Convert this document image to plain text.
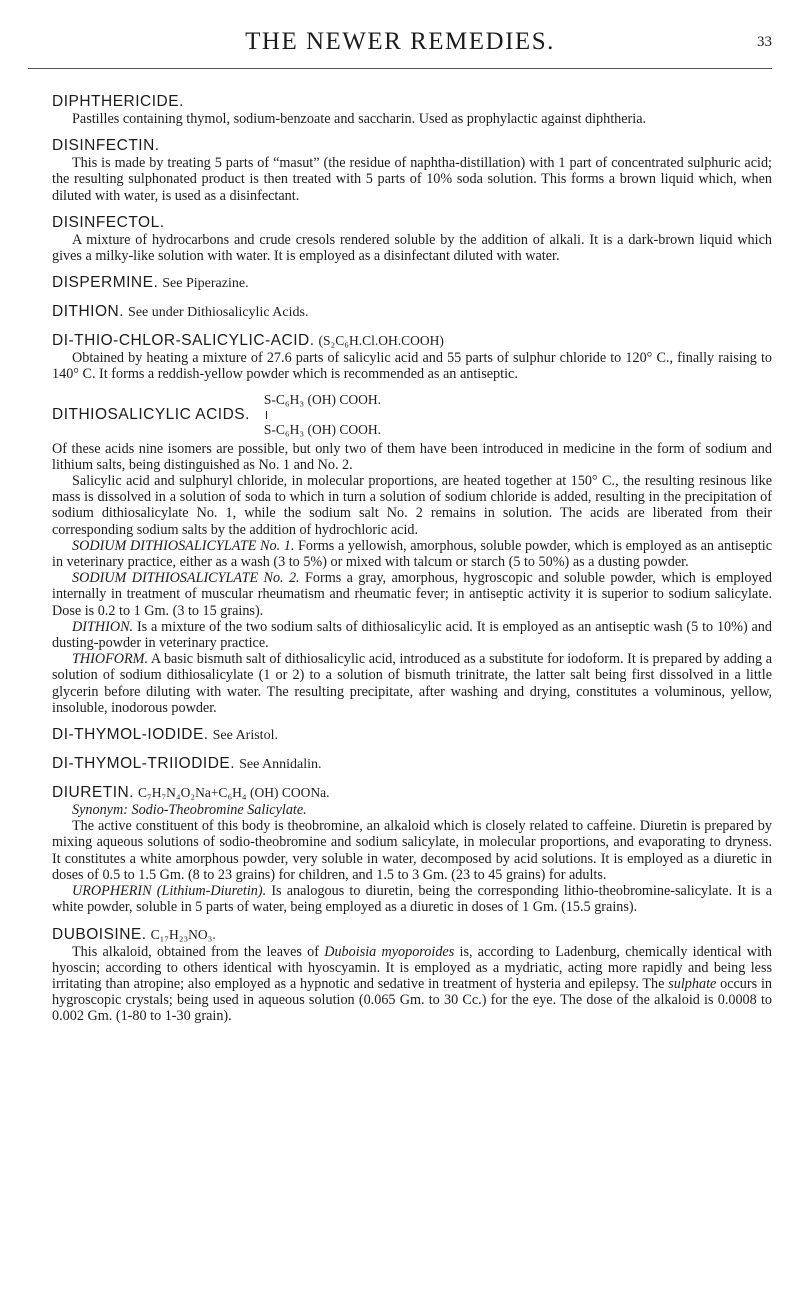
THE NEWER REMEDIES.	33
DIPHTHERICIDE.

Pastilles containing thymol, sodium-benzoate and saccharin. Used as prophylactic against diphtheria.

DISINFECTIN.

This is made by treating 5 parts of “masut” (the residue of naphtha-distillation) with 1 part of concentrated sulphuric acid; the resulting sulphonated product is then treated with 5 parts of 10% soda solution. This forms a brown liquid which, when diluted with water, is used as a disinfectant.

DISINFECTOL.

A mixture of hydrocarbons and crude cresols rendered soluble by the addition of alkali. It is a dark-brown liquid which gives a milky-like solution with water. It is employed as a disinfectant diluted with water.

DISPERMINE. See Piperazine.
DITHION. See under Dithiosalicylic Acids.
DI-THIO-CHLOR-SALICYLIC-ACID. (S₂C₆H.Cl.OH.COOH)

Obtained by heating a mixture of 27.6 parts of salicylic acid and 55 parts of sulphur chloride to 120° C., finally raising to 140° C. It forms a reddish-yellow powder which is recommended as an antiseptic.

DITHIOSALICYLIC ACIDS.
S-C₆H₃ (OH) COOH.
S-C₆H₃ (OH) COOH.

Of these acids nine isomers are possible, but only two of them have been introduced in medicine in the form of sodium and lithium salts, being distinguished as No. 1 and No. 2.

Salicylic acid and sulphuryl chloride, in molecular proportions, are heated together at 150° C., the resulting resinous like mass is dissolved in a solution of soda to which in turn a solution of sodium chloride is added, resulting in the precipitation of sodium dithiosalicylate No. 1, while the sodium salt No. 2 remains in solution. The acids are liberated from their corresponding sodium salts by the addition of hydrochloric acid.

SODIUM DITHIOSALICYLATE No. 1. Forms a yellowish, amorphous, soluble powder, which is employed as an antiseptic in veterinary practice, either as a wash (3 to 5%) or mixed with talcum or starch (5 to 50%) as a dusting powder.

SODIUM DITHIOSALICYLATE No. 2. Forms a gray, amorphous, hygroscopic and soluble powder, which is employed internally in treatment of muscular rheumatism and rheumatic fever; in antiseptic activity it is superior to sodium salicylate. Dose is 0.2 to 1 Gm. (3 to 15 grains).

DITHION. Is a mixture of the two sodium salts of dithiosalicylic acid. It is employed as an antiseptic wash (5 to 10%) and dusting-powder in veterinary practice.

THIOFORM. A basic bismuth salt of dithiosalicylic acid, introduced as a substitute for iodoform. It is prepared by adding a solution of sodium dithiosalicylate (1 or 2) to a solution of bismuth trinitrate, the latter salt being first dissolved in a little glycerin before diluting with water. The resulting precipitate, after washing and drying, constitutes a voluminous, yellow, insoluble, inodorous powder.

DI-THYMOL-IODIDE. See Aristol.
DI-THYMOL-TRIIODIDE. See Annidalin.
DIURETIN. C₇H₇N₄O₂Na+C₆H₄ (OH) COONa.

Synonym: Sodio-Theobromine Salicylate.

The active constituent of this body is theobromine, an alkaloid which is closely related to caffeine. Diuretin is prepared by mixing aqueous solutions of sodio-theobromine and sodium salicylate, in molecular proportions, and evaporating to dryness. It constitutes a white amorphous powder, very soluble in water, decomposed by acid solutions. It is employed as a diuretic in doses of 0.5 to 1.5 Gm. (8 to 23 grains) for children, and 1.5 to 3 Gm. (23 to 45 grains) for adults.

UROPHERIN (Lithium-Diuretin). Is analogous to diuretin, being the corresponding lithio-theobromine-salicylate. It is a white powder, soluble in 5 parts of water, being employed as a diuretic in doses of 1 Gm. (15.5 grains).

DUBOISINE. C₁₇H₂₃NO₃.

This alkaloid, obtained from the leaves of Duboisia myoporoides is, according to Ladenburg, chemically identical with hyoscin; according to others identical with hyoscyamin. It is employed as a mydriatic, acting more rapidly and being less irritating than atropine; also employed as a hypnotic and sedative in treatment of hysteria and epilepsy. The sulphate occurs in hygroscopic crystals; being used in aqueous solution (0.065 Gm. to 30 Cc.) for the eye. The dose of the alkaloid is 0.0008 to 0.002 Gm. (1-80 to 1-30 grain).
